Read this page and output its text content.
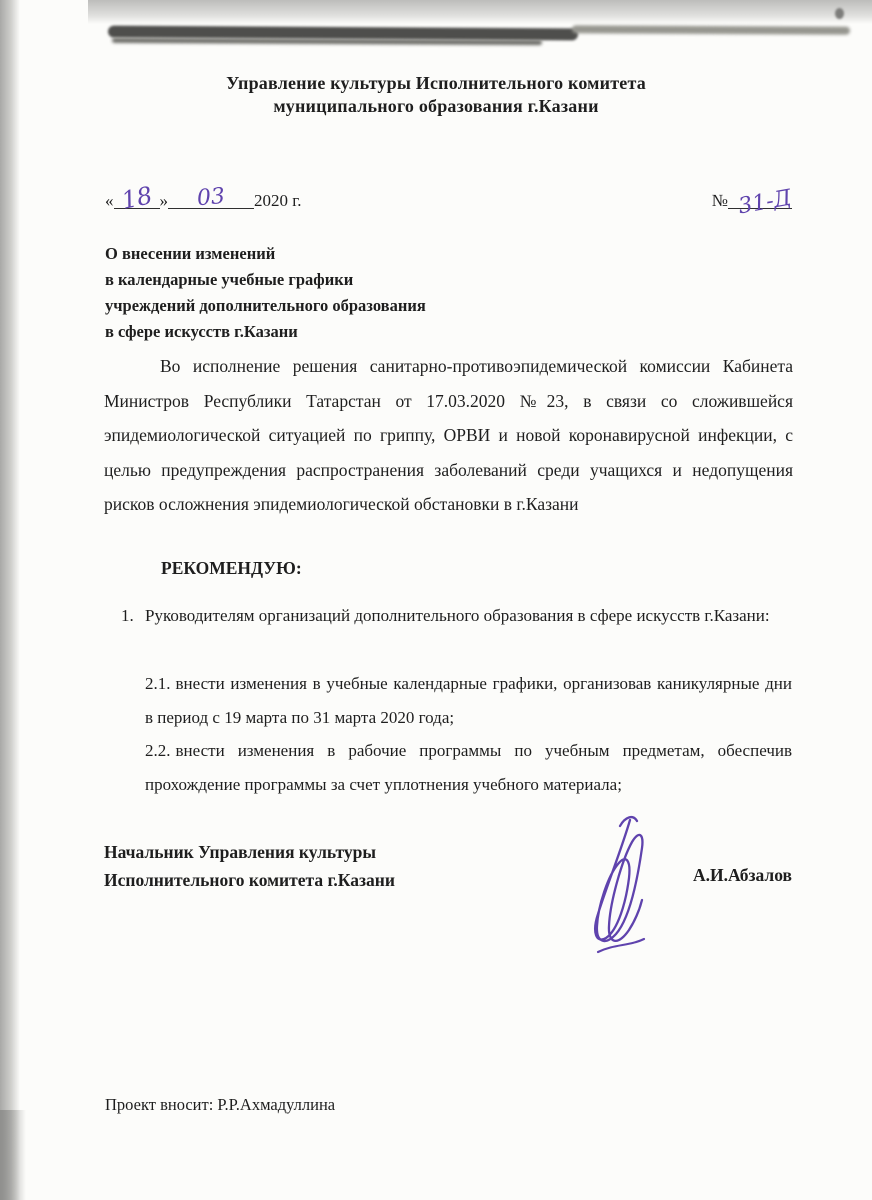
Управление культуры Исполнительного комитета
муниципального образования г.Казани
« 18 » 03 2020 г.	№ 31-Д
О внесении изменений
в календарные учебные графики
учреждений дополнительного образования
в сфере искусств г.Казани
Во исполнение решения санитарно-противоэпидемической комиссии Кабинета Министров Республики Татарстан от 17.03.2020 №23, в связи со сложившейся эпидемиологической ситуацией по гриппу, ОРВИ и новой коронавирусной инфекции, с целью предупреждения распространения заболеваний среди учащихся и недопущения рисков осложнения эпидемиологической обстановки в г.Казани
РЕКОМЕНДУЮ:
1. Руководителям организаций дополнительного образования в сфере искусств г.Казани:
2.1. внести изменения в учебные календарные графики, организовав каникулярные дни в период с 19 марта по 31 марта 2020 года;
2.2. внести изменения в рабочие программы по учебным предметам, обеспечив прохождение программы за счет уплотнения учебного материала;
Начальник Управления культуры
Исполнительного комитета г.Казани	А.И.Абзалов
Проект вносит: Р.Р.Ахмадуллина
